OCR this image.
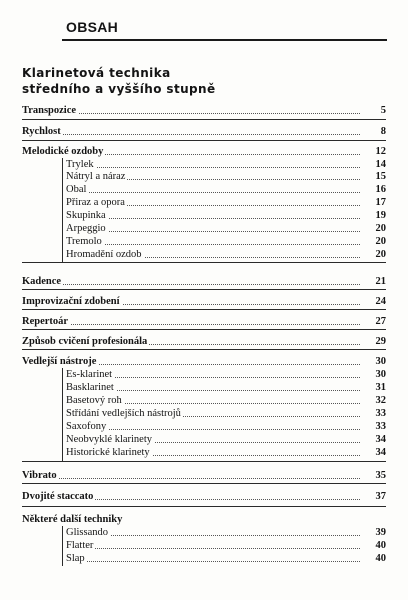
OBSAH
Klarinetová technika
středního a vyššího stupně
Transpozice	5
Rychlost	8
Melodické ozdoby	12
Trylek	14
Nátryl a náraz	15
Obal	16
Přiraz a opora	17
Skupinka	19
Arpeggio	20
Tremolo	20
Hromadění ozdob	20
Kadence	21
Improvizační zdobení	24
Repertoár	27
Způsob cvičení profesionála	29
Vedlejší nástroje	30
Es-klarinet	30
Basklarinet	31
Basetový roh	32
Střídání vedlejších nástrojů	33
Saxofony	33
Neobvyklé klarinety	34
Historické klarinety	34
Vibrato	35
Dvojité staccato	37
Některé další techniky
Glissando	39
Flatter	40
Slap	40
